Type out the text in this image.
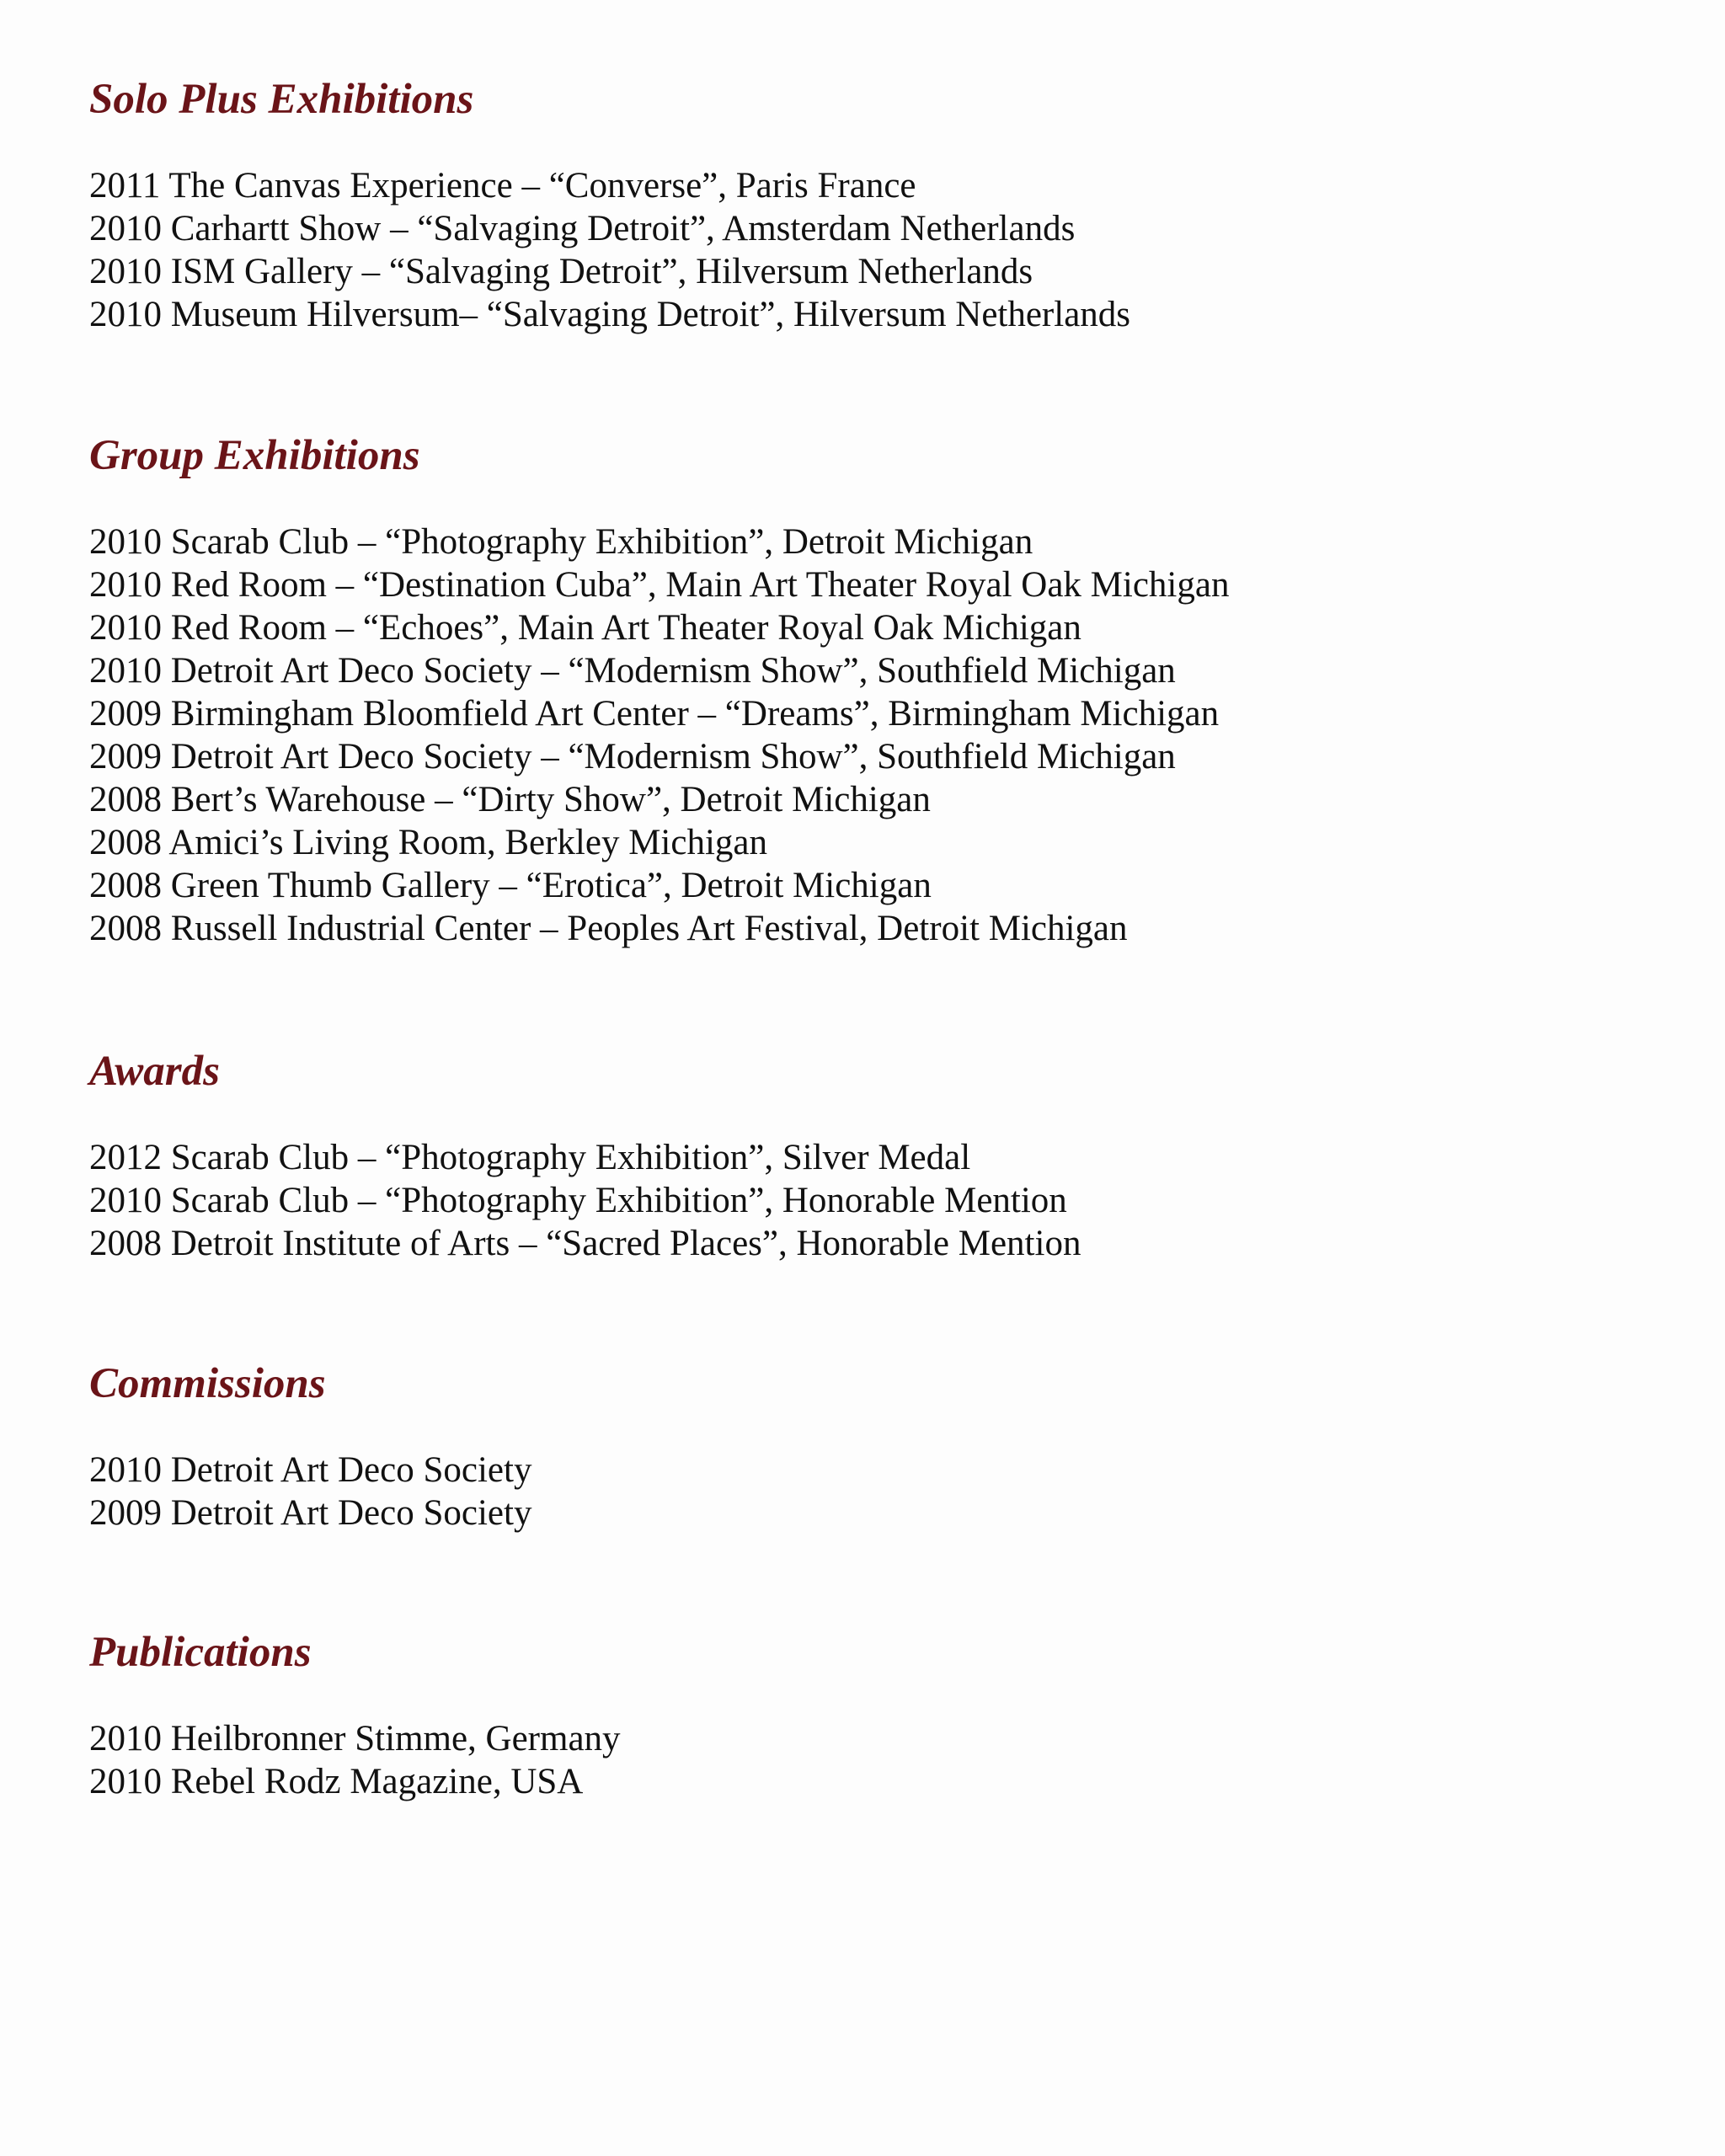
Solo Plus Exhibitions
2011 The Canvas Experience – “Converse”, Paris France
2010 Carhartt Show – “Salvaging Detroit”, Amsterdam Netherlands
2010 ISM Gallery – “Salvaging Detroit”, Hilversum Netherlands
2010 Museum Hilversum– “Salvaging Detroit”, Hilversum Netherlands
Group Exhibitions
2010 Scarab Club – “Photography Exhibition”, Detroit Michigan
2010 Red Room – “Destination Cuba”, Main Art Theater Royal Oak Michigan
2010 Red Room – “Echoes”, Main Art Theater Royal Oak Michigan
2010 Detroit Art Deco Society – “Modernism Show”, Southfield Michigan
2009 Birmingham Bloomfield Art Center – “Dreams”, Birmingham Michigan
2009 Detroit Art Deco Society – “Modernism Show”, Southfield Michigan
2008 Bert’s Warehouse – “Dirty Show”, Detroit Michigan
2008 Amici’s Living Room, Berkley Michigan
2008 Green Thumb Gallery – “Erotica”, Detroit Michigan
2008 Russell Industrial Center – Peoples Art Festival, Detroit Michigan
Awards
2012 Scarab Club – “Photography Exhibition”, Silver Medal
2010 Scarab Club – “Photography Exhibition”, Honorable Mention
2008 Detroit Institute of Arts – “Sacred Places”, Honorable Mention
Commissions
2010 Detroit Art Deco Society
2009 Detroit Art Deco Society
Publications
2010 Heilbronner Stimme, Germany
2010 Rebel Rodz Magazine, USA
